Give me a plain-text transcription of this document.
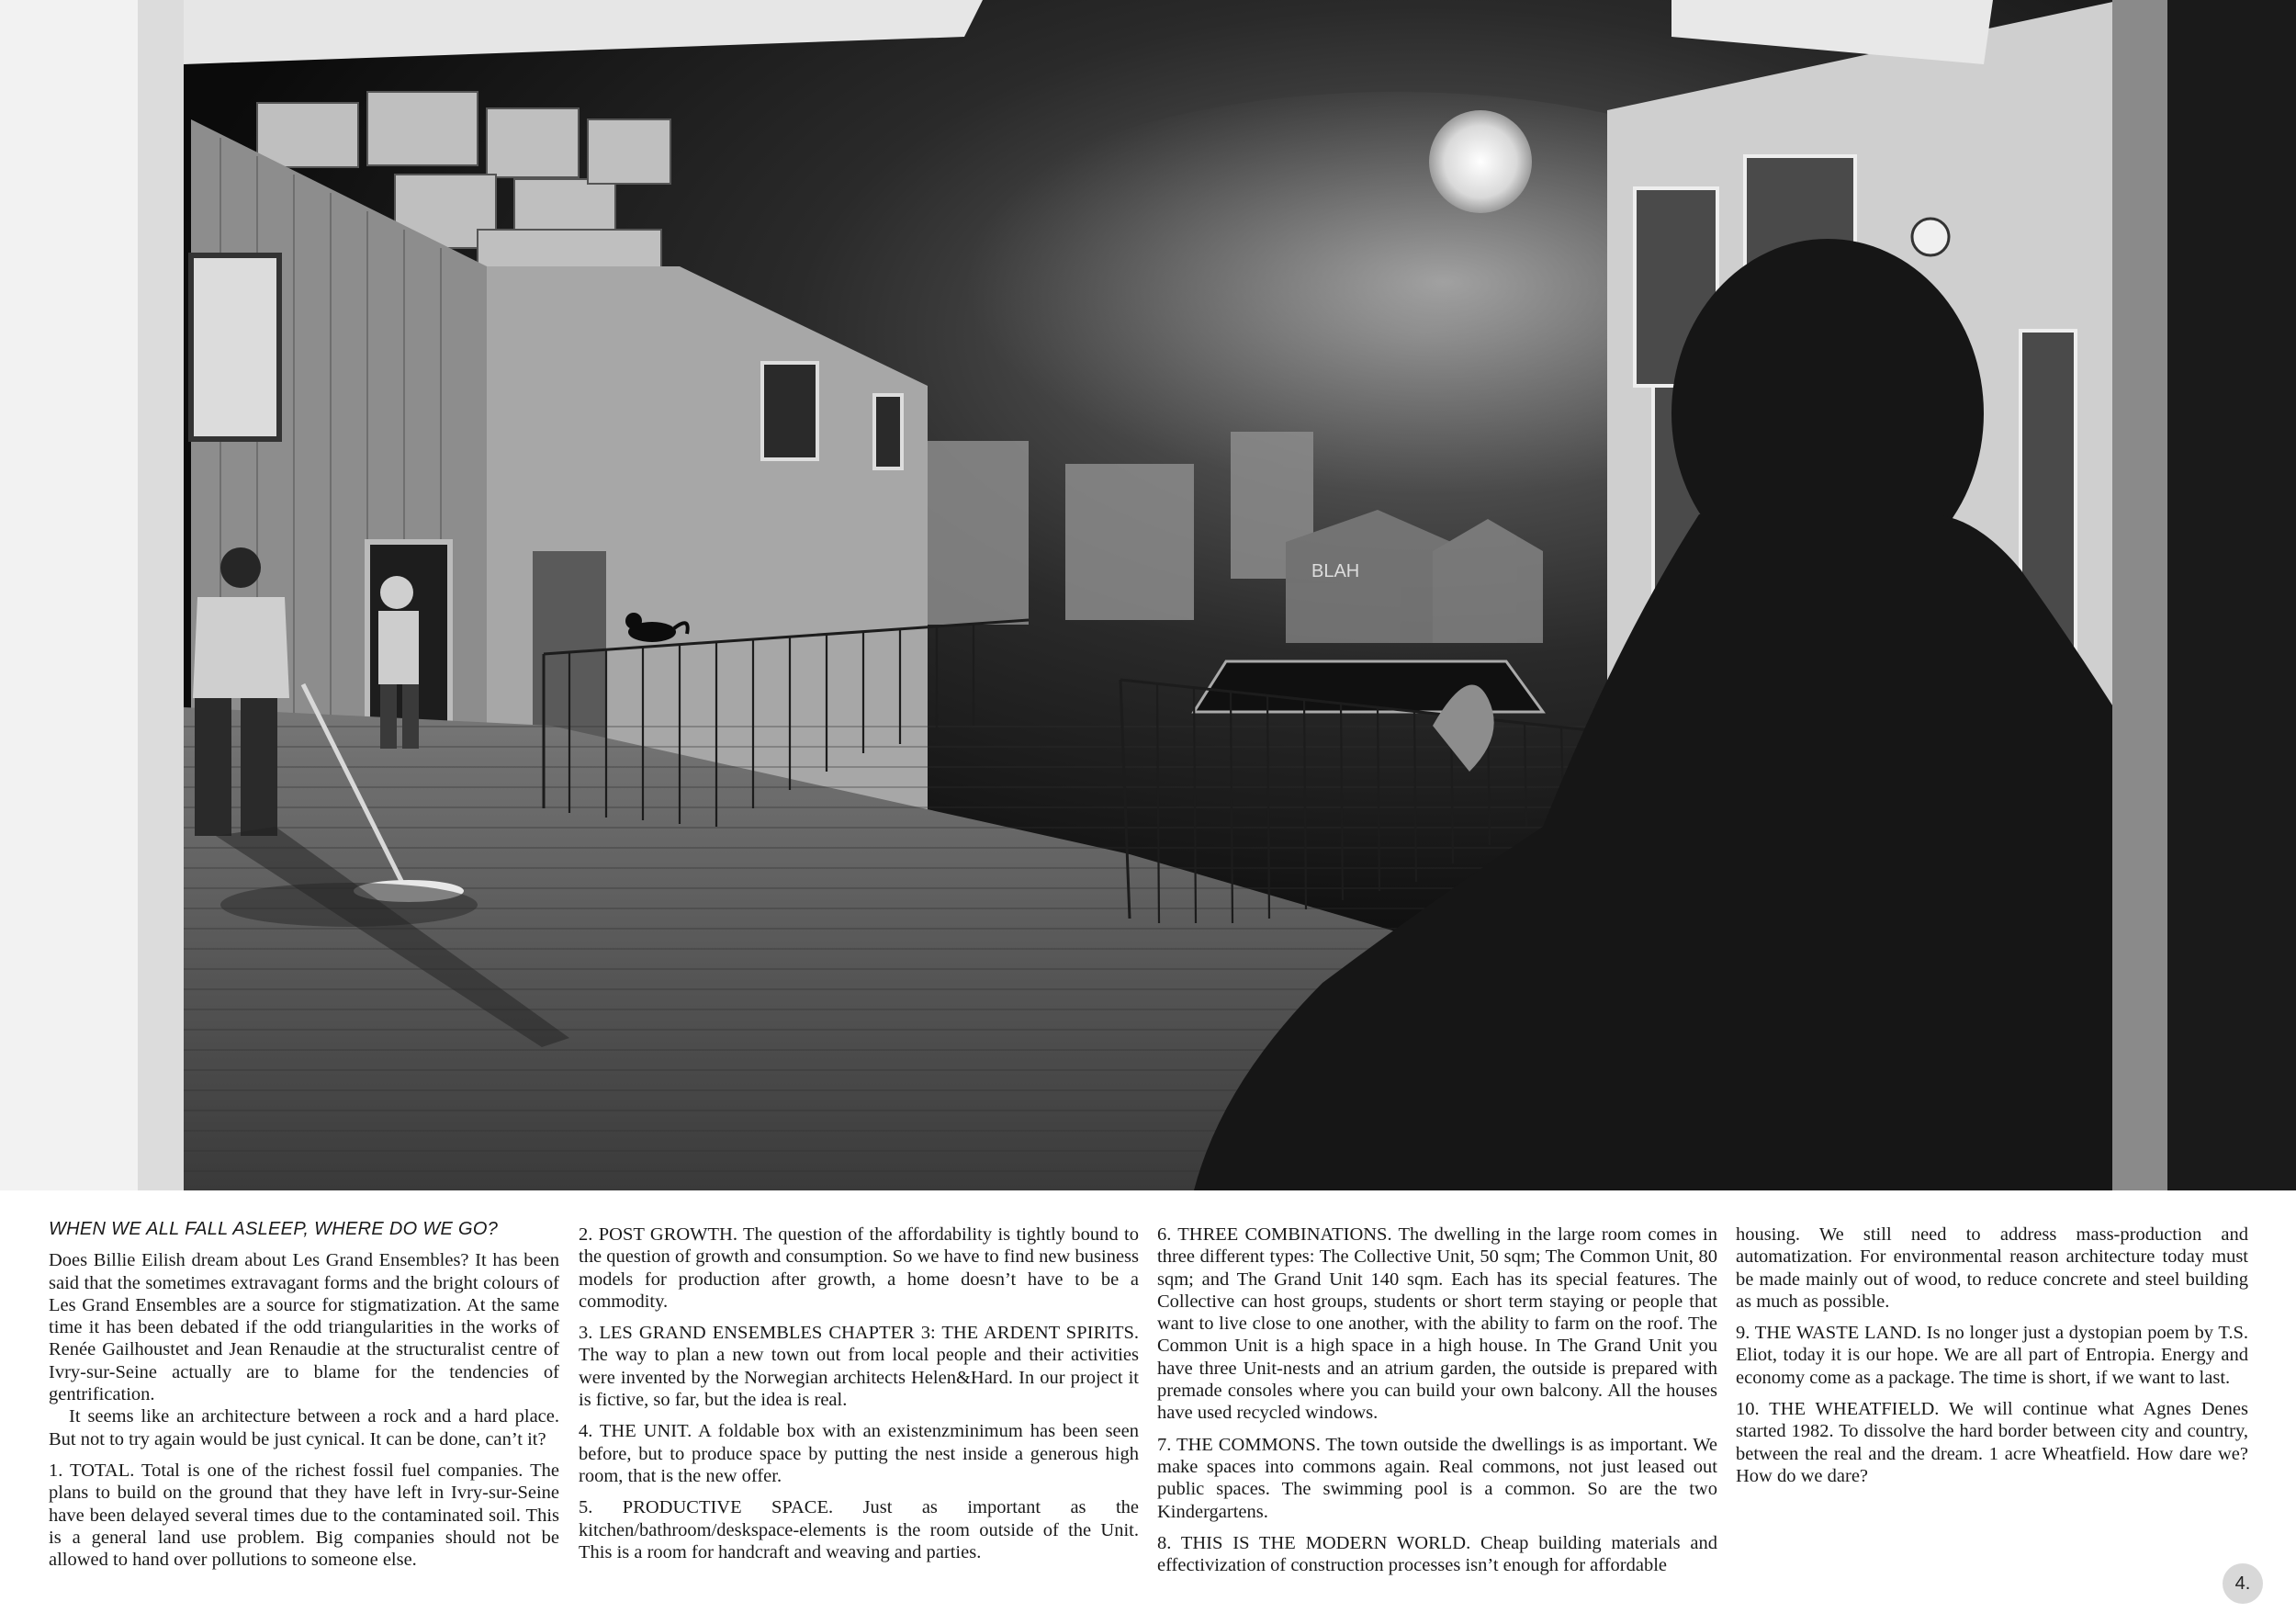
BLAH

WHEN WE ALL FALL ASLEEP, WHERE DO WE GO?

Does Billie Eilish dream about Les Grand Ensembles? It has been said that the sometimes extravagant forms and the bright colours of Les Grand Ensembles are a source for stigmatization. At the same time it has been debated if the odd triangularities in the works of Renée Gailhoustet and Jean Renaudie at the structuralist centre of Ivry-sur-Seine actually are to blame for the tendencies of gentrification.

It seems like an architecture between a rock and a hard place. But not to try again would be just cynical. It can be done, can’t it?

1. TOTAL. Total is one of the richest fossil fuel companies. The plans to build on the ground that they have left in Ivry-sur-Seine have been delayed several times due to the contaminated soil. This is a general land use problem. Big companies should not be allowed to hand over pollutions to someone else.

2. POST GROWTH. The question of the affordability is tightly bound to the question of growth and consumption. So we have to find new business models for production after growth, a home doesn’t have to be a commodity.

3. LES GRAND ENSEMBLES CHAPTER 3: THE ARDENT SPIRITS. The way to plan a new town out from local people and their activities were invented by the Norwegian architects Helen&Hard. In our project it is fictive, so far, but the idea is real.

4. THE UNIT. A foldable box with an existenzminimum has been seen before, but to produce space by putting the nest inside a generous high room, that is the new offer.

5. PRODUCTIVE SPACE. Just as important as the kitchen/bathroom/deskspace-elements is the room outside of the Unit. This is a room for handcraft and weaving and parties.

6. THREE COMBINATIONS. The dwelling in the large room comes in three different types: The Collective Unit, 50 sqm; The Common Unit, 80 sqm; and The Grand Unit 140 sqm. Each has its special features. The Collective can host groups, students or short term staying or people that want to live close to one another, with the ability to farm on the roof. The Common Unit is a high space in a high house. In The Grand Unit you have three Unit-nests and an atrium garden, the outside is prepared with premade consoles where you can build your own balcony. All the houses have used recycled windows.

7. THE COMMONS. The town outside the dwellings is as important. We make spaces into commons again. Real commons, not just leased out public spaces. The swimming pool is a common. So are the two Kindergartens.

8. THIS IS THE MODERN WORLD. Cheap building materials and effectivization of construction processes isn’t enough for affordable

housing. We still need to address mass-production and automatization. For environmental reason architecture today must be made mainly out of wood, to reduce concrete and steel building as much as possible.

9. THE WASTE LAND. Is no longer just a dystopian poem by T.S. Eliot, today it is our hope. We are all part of Entropia. Energy and economy come as a package. The time is short, if we want to last.

10. THE WHEATFIELD. We will continue what Agnes Denes started 1982. To dissolve the hard border between city and country, between the real and the dream. 1 acre Wheatfield. How dare we? How do we dare?

4.
